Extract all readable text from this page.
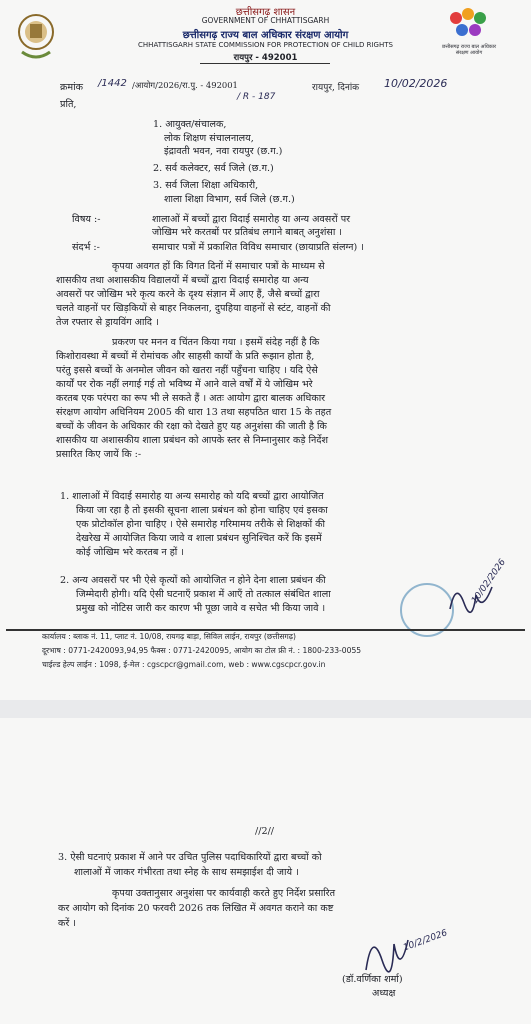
छत्तीसगढ़ राज्य बाल अधिकार संरक्षण आयोग
छत्तीसगढ़ शासन
GOVERNMENT OF CHHATTISGARH
छत्तीसगढ़ राज्य बाल अधिकार संरक्षण आयोग
CHHATTISGARH STATE COMMISSION FOR PROTECTION OF CHILD RIGHTS
रायपुर - 492001
क्रमांक /1442 /आयोग/2026/रा.पु. - 492001
/ R - 187
रायपुर, दिनांक 10/02/2026
प्रति,
1. आयुक्त/संचालक,
लोक शिक्षण संचालनालय,
इंद्रावती भवन, नवा रायपुर (छ.ग.)
2. सर्व कलेक्टर, सर्व जिले (छ.ग.)
3. सर्व जिला शिक्षा अधिकारी,
शाला शिक्षा विभाग, सर्व जिले (छ.ग.)
विषय :-	शालाओं में बच्चों द्वारा विदाई समारोह या अन्य अवसरों पर
जोखिम भरे करतबों पर प्रतिबंध लगाने बाबत् अनुशंसा ।
संदर्भ :-	समाचार पत्रों में प्रकाशित विविध समाचार (छायाप्रति संलग्न) ।
कृपया अवगत हों कि विगत दिनों में समाचार पत्रों के माध्यम से
शासकीय तथा अशासकीय विद्यालयों में बच्चों द्वारा विदाई समारोह या अन्य
अवसरों पर जोखिम भरे कृत्य करने के दृश्य संज्ञान में आए हैं, जैसे बच्चों द्वारा
चलते वाहनों पर खिड़कियों से बाहर निकलना, दुपहिया वाहनों से स्टंट, वाहनों की
तेज रफ्तार से ड्रायविंग आदि ।
प्रकरण पर मनन व चिंतन किया गया । इसमें संदेह नहीं है कि
किशोरावस्था में बच्चों में रोमांचक और साहसी कार्यों के प्रति रूझान होता है,
परंतु इससे बच्चों के अनमोल जीवन को खतरा नहीं पहुँचना चाहिए । यदि ऐसे
कार्यों पर रोक नहीं लगाई गई तो भविष्य में आने वाले वर्षों में ये जोखिम भरे
करतब एक परंपरा का रूप भी ले सकते हैं । अतः आयोग द्वारा बालक अधिकार
संरक्षण आयोग अधिनियम 2005 की धारा 13 तथा सहपठित धारा 15 के तहत
बच्चों के जीवन के अधिकार की रक्षा को देखते हुए यह अनुशंसा की जाती है कि
शासकीय या अशासकीय शाला प्रबंधन को आपके स्तर से निम्नानुसार कड़े निर्देश
प्रसारित किए जायें कि :-
1. शालाओं में विदाई समारोह या अन्य समारोह को यदि बच्चों द्वारा आयोजित
किया जा रहा है तो इसकी सूचना शाला प्रबंधन को होना चाहिए एवं इसका
एक प्रोटोकॉल होना चाहिए । ऐसे समारोह गरिमामय तरीके से शिक्षकों की
देखरेख में आयोजित किया जावे व शाला प्रबंधन सुनिश्चित करें कि इसमें
कोई जोखिम भरे करतब न हों ।
2. अन्य अवसरों पर भी ऐसे कृत्यों को आयोजित न होने देना शाला प्रबंधन की
जिम्मेदारी होगी। यदि ऐसी घटनाएँ प्रकाश में आएँ तो तत्काल संबंधित शाला
प्रमुख को नोटिस जारी कर कारण भी पूछा जावे व सचेत भी किया जावे ।
10/02/2026
कार्यालय : ब्लाक नं. 11, प्लाट नं. 10/08, रायगढ़ बाड़ा, सिविल लाईन, रायपुर (छत्तीसगढ़)
दूरभाष : 0771-2420093,94,95 फैक्स : 0771-2420095, आयोग का टोल फ्री नं. : 1800-233-0055
चाईल्ड हेल्प लाईन : 1098, ई-मेल : cgscpcr@gmail.com, web : www.cgscpcr.gov.in
//2//
3. ऐसी घटनाएं प्रकाश में आने पर उचित पुलिस पदाधिकारियों द्वारा बच्चों को
शालाओं में जाकर गंभीरता तथा स्नेह के साथ समझाईश दी जाये ।
कृपया उक्तानुसार अनुशंसा पर कार्यवाही करते हुए निर्देश प्रसारित
कर आयोग को दिनांक 20 फरवरी 2026 तक लिखित में अवगत कराने का कष्ट
करें ।
10/2/2026
(डॉ.वर्णिका शर्मा)
अध्यक्ष
